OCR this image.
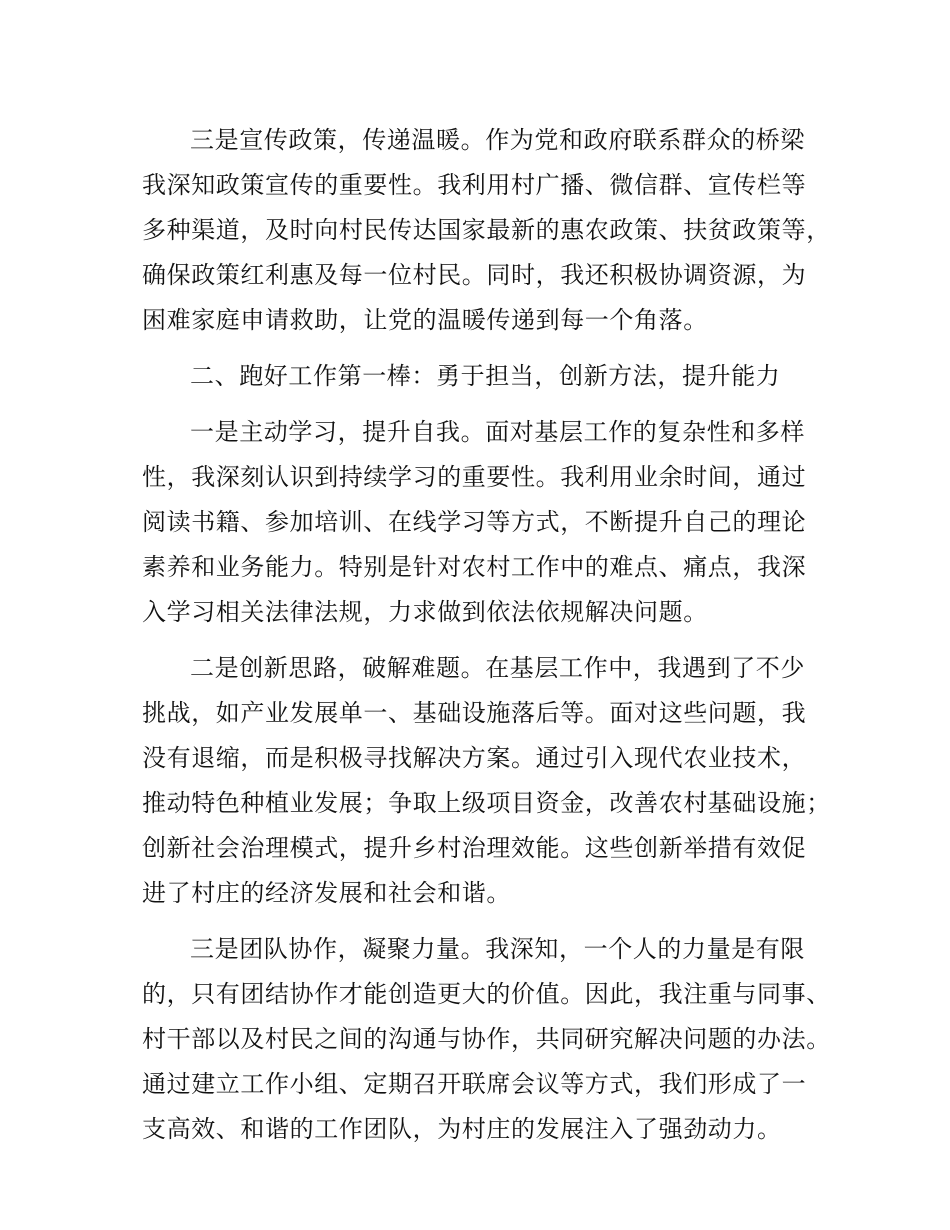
三是宣传政策，传递温暖。作为党和政府联系群众的桥梁
我深知政策宣传的重要性。我利用村广播、微信群、宣传栏等
多种渠道，及时向村民传达国家最新的惠农政策、扶贫政策等，
确保政策红利惠及每一位村民。同时，我还积极协调资源，为
困难家庭申请救助，让党的温暖传递到每一个角落。
二、跑好工作第一棒：勇于担当，创新方法，提升能力
一是主动学习，提升自我。面对基层工作的复杂性和多样
性，我深刻认识到持续学习的重要性。我利用业余时间，通过
阅读书籍、参加培训、在线学习等方式，不断提升自己的理论
素养和业务能力。特别是针对农村工作中的难点、痛点，我深
入学习相关法律法规，力求做到依法依规解决问题。
二是创新思路，破解难题。在基层工作中，我遇到了不少
挑战，如产业发展单一、基础设施落后等。面对这些问题，我
没有退缩，而是积极寻找解决方案。通过引入现代农业技术，
推动特色种植业发展；争取上级项目资金，改善农村基础设施；
创新社会治理模式，提升乡村治理效能。这些创新举措有效促
进了村庄的经济发展和社会和谐。
三是团队协作，凝聚力量。我深知，一个人的力量是有限
的，只有团结协作才能创造更大的价值。因此，我注重与同事、
村干部以及村民之间的沟通与协作，共同研究解决问题的办法。
通过建立工作小组、定期召开联席会议等方式，我们形成了一
支高效、和谐的工作团队，为村庄的发展注入了强劲动力。
